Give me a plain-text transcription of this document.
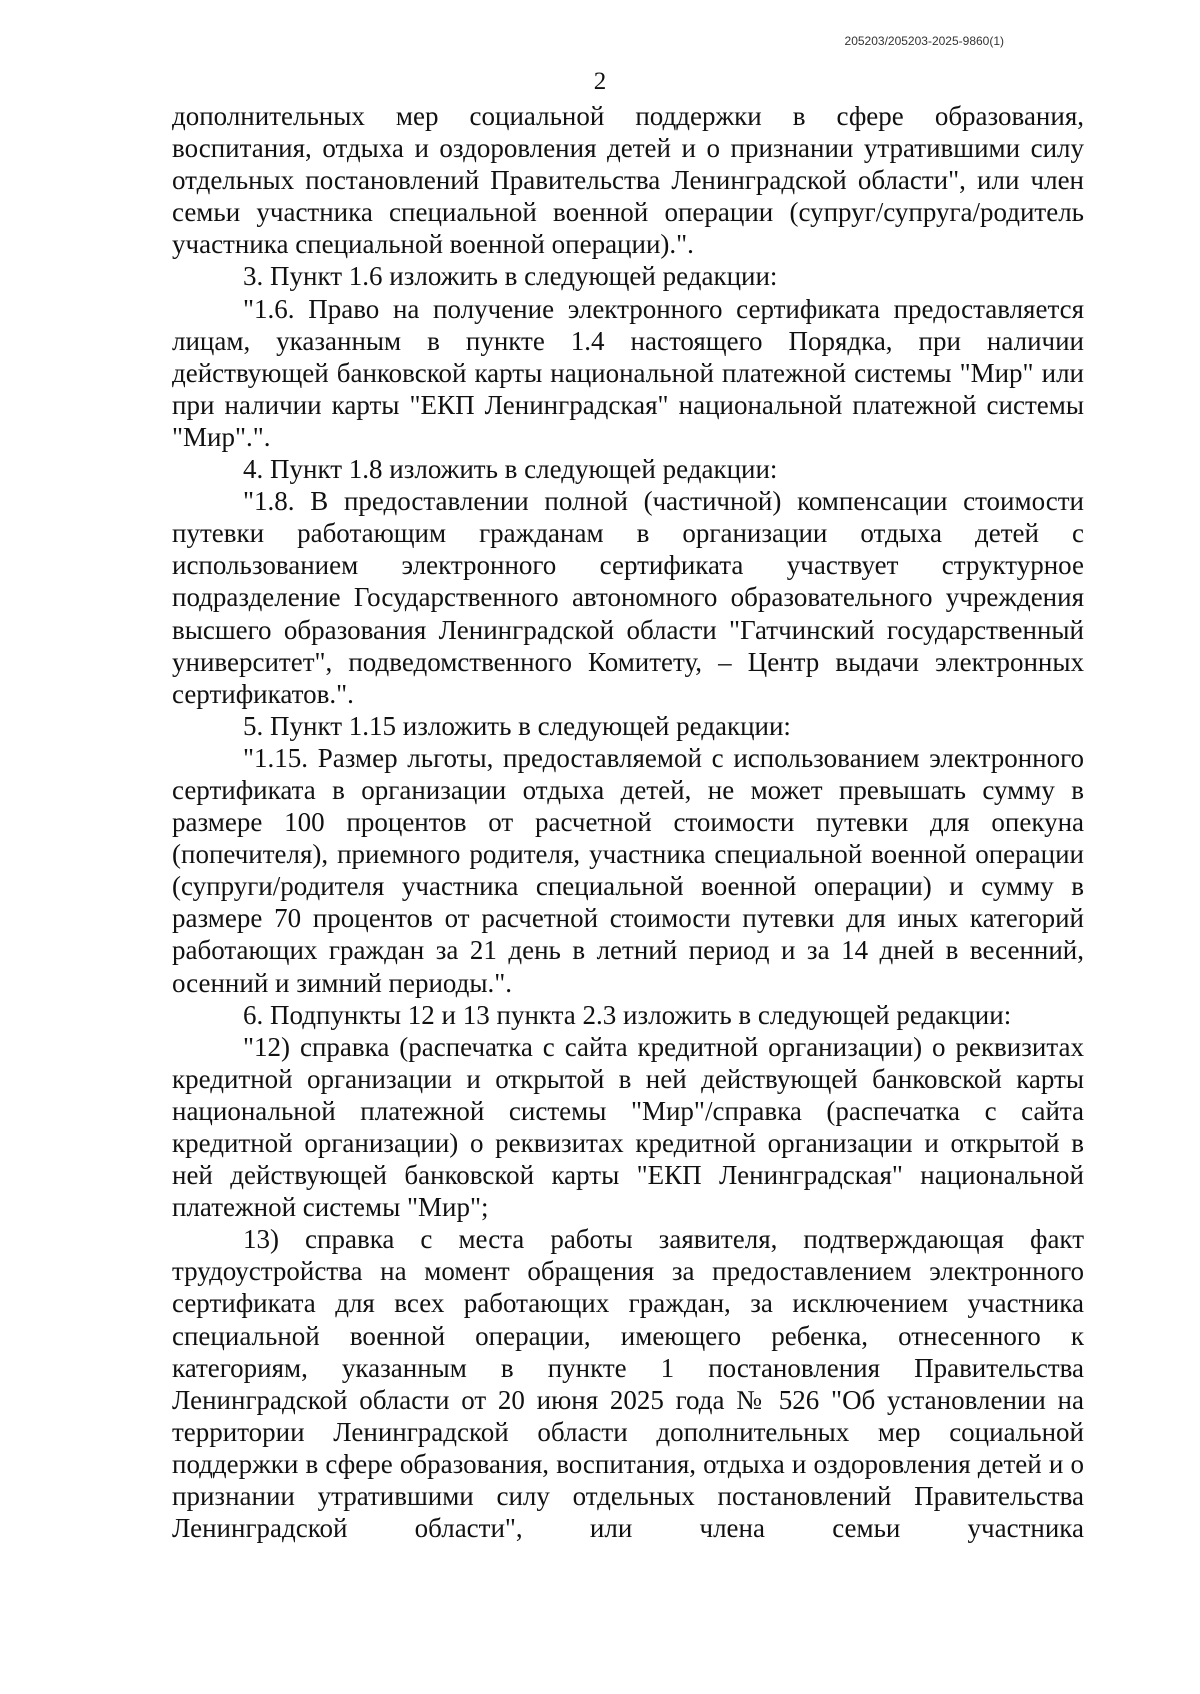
205203/205203-2025-9860(1)
2

дополнительных мер социальной поддержки в сфере образования, воспитания, отдыха и оздоровления детей и о признании утратившими силу отдельных постановлений Правительства Ленинградской области", или член семьи участника специальной военной операции (супруг/супруга/родитель участника специальной военной операции).".

3. Пункт 1.6 изложить в следующей редакции:

"1.6. Право на получение электронного сертификата предоставляется лицам, указанным в пункте 1.4 настоящего Порядка, при наличии действующей банковской карты национальной платежной системы "Мир" или при наличии карты "ЕКП Ленинградская" национальной платежной системы "Мир".".

4. Пункт 1.8 изложить в следующей редакции:

"1.8. В предоставлении полной (частичной) компенсации стоимости путевки работающим гражданам в организации отдыха детей с использованием электронного сертификата участвует структурное подразделение Государственного автономного образовательного учреждения высшего образования Ленинградской области "Гатчинский государственный университет", подведомственного Комитету, – Центр выдачи электронных сертификатов.".

5. Пункт 1.15 изложить в следующей редакции:

"1.15. Размер льготы, предоставляемой с использованием электронного сертификата в организации отдыха детей, не может превышать сумму в размере 100 процентов от расчетной стоимости путевки для опекуна (попечителя), приемного родителя, участника специальной военной операции (супруги/родителя участника специальной военной операции) и сумму в размере 70 процентов от расчетной стоимости путевки для иных категорий работающих граждан за 21 день в летний период и за 14 дней в весенний, осенний и зимний периоды.".

6. Подпункты 12 и 13 пункта 2.3 изложить в следующей редакции:

"12) справка (распечатка с сайта кредитной организации) о реквизитах кредитной организации и открытой в ней действующей банковской карты национальной платежной системы "Мир"/справка (распечатка с сайта кредитной организации) о реквизитах кредитной организации и открытой в ней действующей банковской карты "ЕКП Ленинградская" национальной платежной системы "Мир";

13) справка с места работы заявителя, подтверждающая факт трудоустройства на момент обращения за предоставлением электронного сертификата для всех работающих граждан, за исключением участника специальной военной операции, имеющего ребенка, отнесенного к категориям, указанным в пункте 1 постановления Правительства Ленинградской области от 20 июня 2025 года № 526 "Об установлении на территории Ленинградской области дополнительных мер социальной поддержки в сфере образования, воспитания, отдыха и оздоровления детей и о признании утратившими силу отдельных постановлений Правительства Ленинградской области", или члена семьи участника
